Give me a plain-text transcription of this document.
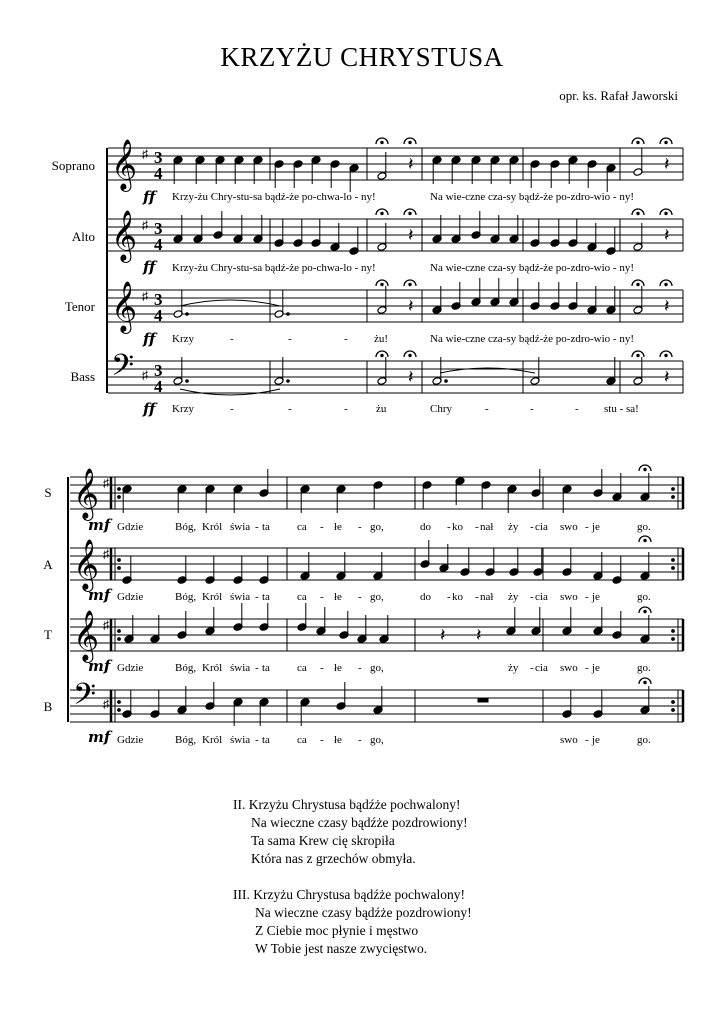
KRZYŻU CHRYSTUSA
opr. ks. Rafał Jaworski
Soprano
Alto
Tenor
Bass
S
A
T
B
𝄞 ♯ 3
4
𝄞 ♯ 3
4
𝄞 ♯ 3
4
𝄢 ♯ 3
4
𝄽	𝄽
𝄽	𝄽
𝄽	𝄽
𝄽	𝄽
𝄞 ♯
𝄞 ♯
𝄞 ♯
𝄢 ♯
𝄽 𝄽
ff
ff
ff
ff
mf
mf
mf
mf
Krzy-żu Chry-stu-sa bądź-że po-chwa-lo - ny!	Na wie-czne cza-sy bądź-że po-zdro-wio - ny!
Krzy-żu Chry-stu-sa bądź-że po-chwa-lo - ny!	Na wie-czne cza-sy bądź-że po-zdro-wio - ny!
Krzy	-	-	- żu!	Na wie-czne cza-sy bądź-że po-zdro-wio - ny!
Krzy	-	-	-	żu	Chry	-	-	- stu - sa!
Gdzie	Bóg, Król świa - ta ca - łe - go,	do - ko - nał ży - cia swo - je	go.
Gdzie	Bóg, Król świa - ta ca - łe - go,	do - ko - nał ży - cia swo - je	go.
Gdzie	Bóg, Król świa - ta ca - łe - go,	ży - cia swo - je	go.
Gdzie	Bóg, Król świa - ta ca - łe - go,	swo - je	go.
II. Krzyżu Chrystusa bądźże pochwalony!
Na wieczne czasy bądźże pozdrowiony!
Ta sama Krew cię skropiła
Która nas z grzechów obmyła.
III. Krzyżu Chrystusa bądźże pochwalony!
Na wieczne czasy bądźże pozdrowiony!
Z Ciebie moc płynie i męstwo
W Tobie jest nasze zwycięstwo.
